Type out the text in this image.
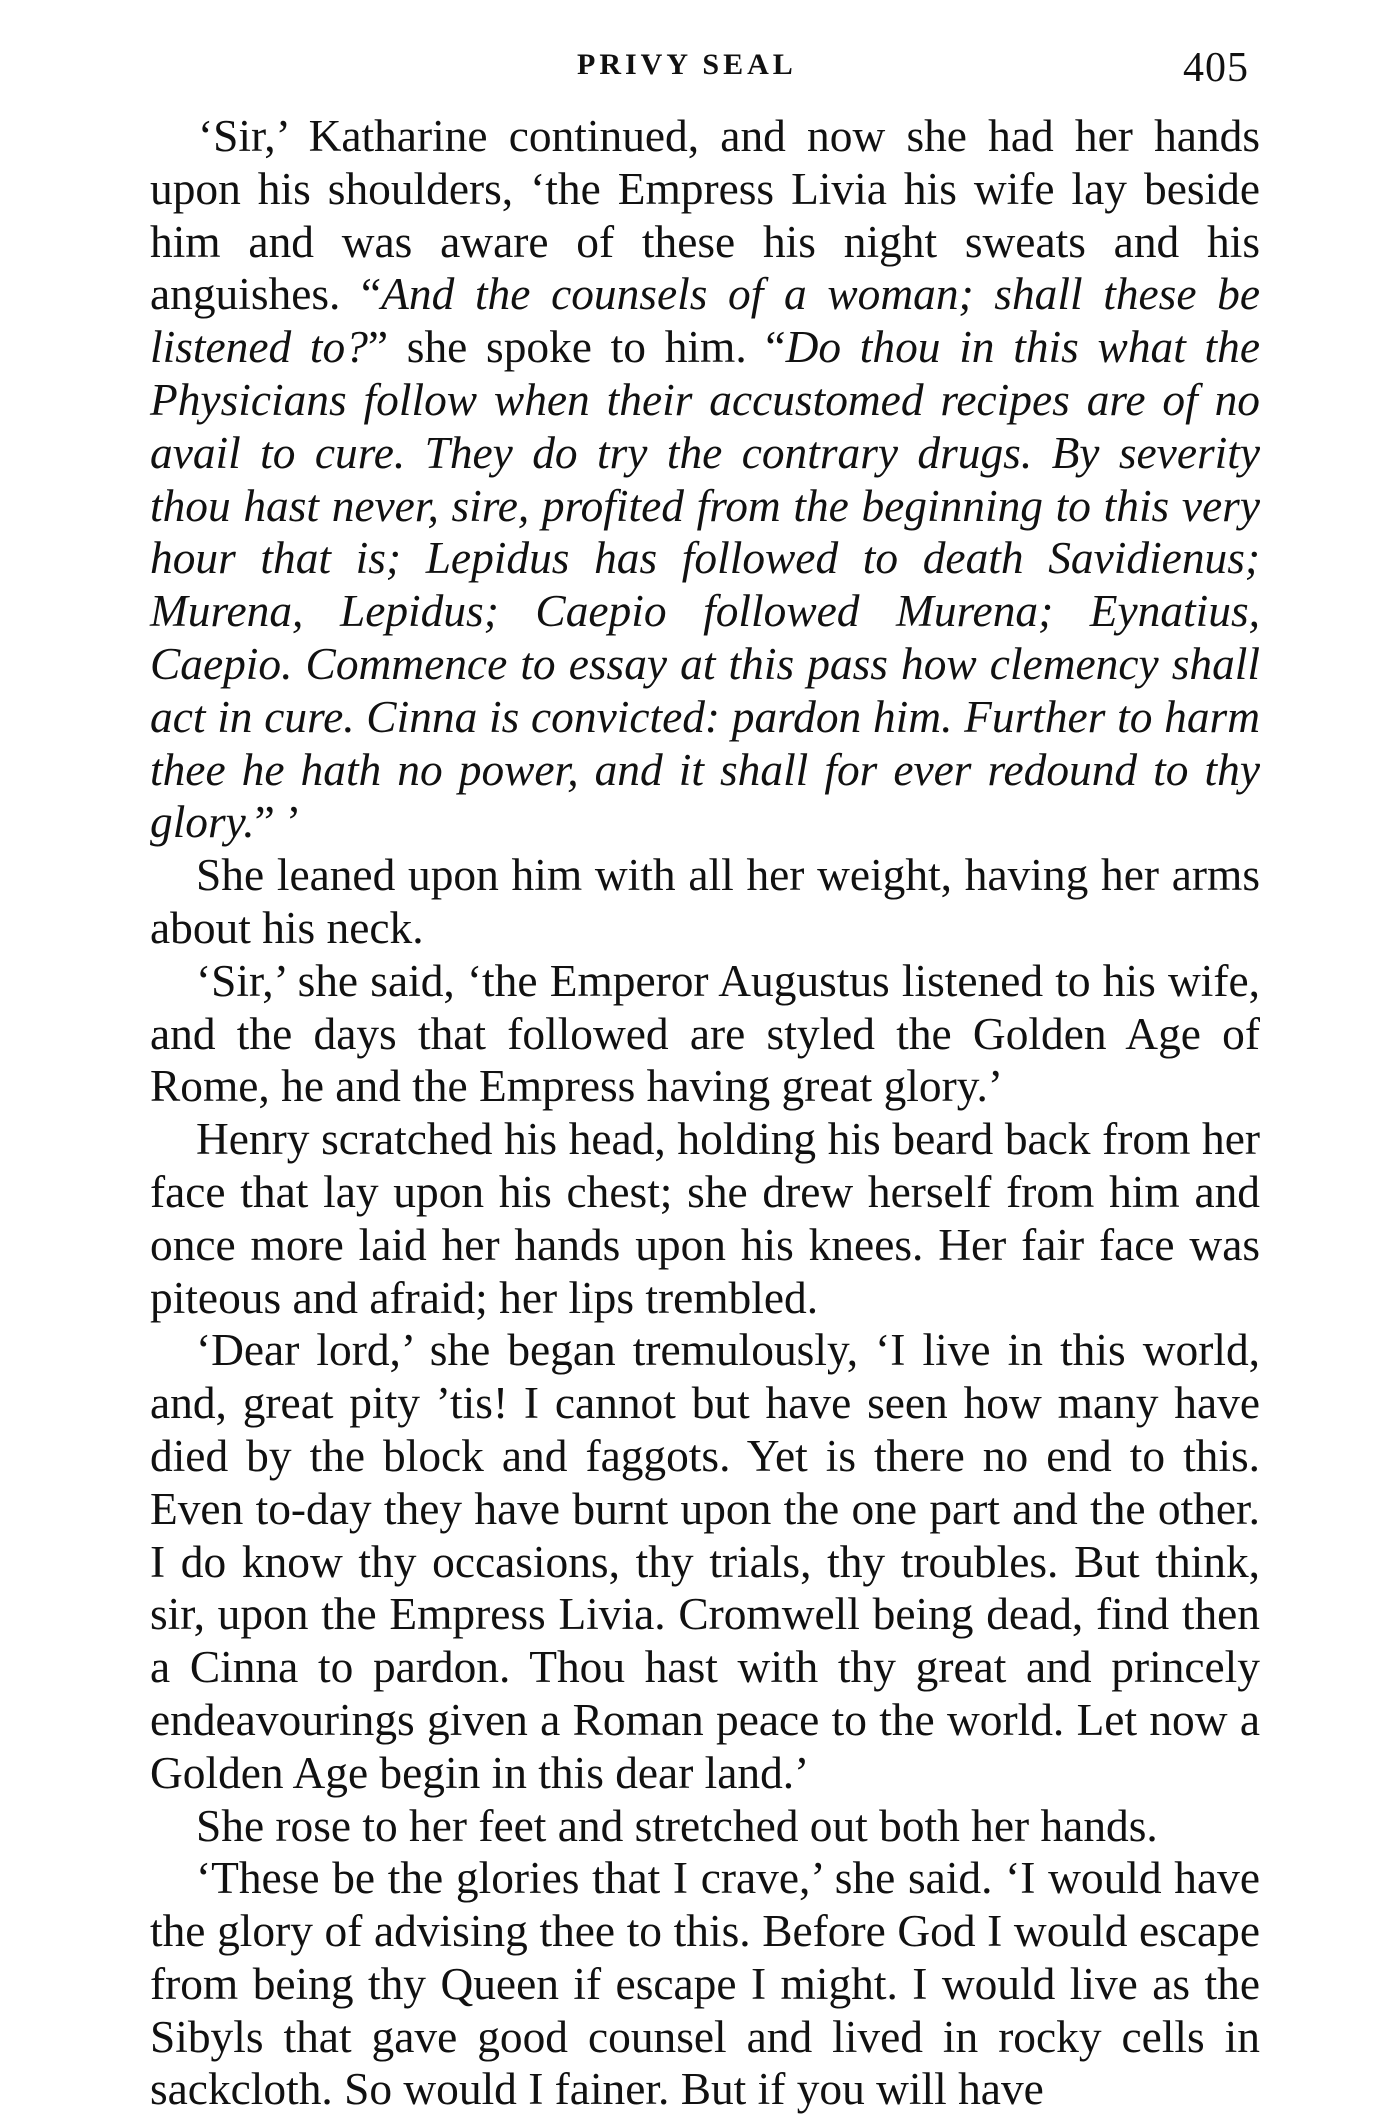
PRIVY SEAL	405

‘Sir,’ Katharine continued, and now she had her hands upon his shoulders, ‘the Empress Livia his wife lay beside him and was aware of these his night sweats and his anguishes. “And the counsels of a woman; shall these be listened to?” she spoke to him. “Do thou in this what the Physicians follow when their accustomed recipes are of no avail to cure. They do try the contrary drugs. By severity thou hast never, sire, profited from the beginning to this very hour that is; Lepidus has followed to death Savidienus; Murena, Lepidus; Caepio followed Murena; Eynatius, Caepio. Commence to essay at this pass how clemency shall act in cure. Cinna is convicted: pardon him. Further to harm thee he hath no power, and it shall for ever redound to thy glory.” ’

She leaned upon him with all her weight, having her arms about his neck.

‘Sir,’ she said, ‘the Emperor Augustus listened to his wife, and the days that followed are styled the Golden Age of Rome, he and the Empress having great glory.’

Henry scratched his head, holding his beard back from her face that lay upon his chest; she drew herself from him and once more laid her hands upon his knees. Her fair face was piteous and afraid; her lips trembled.

‘Dear lord,’ she began tremulously, ‘I live in this world, and, great pity ’tis! I cannot but have seen how many have died by the block and faggots. Yet is there no end to this. Even to-day they have burnt upon the one part and the other. I do know thy occasions, thy trials, thy troubles. But think, sir, upon the Empress Livia. Cromwell being dead, find then a Cinna to pardon. Thou hast with thy great and princely endeavourings given a Roman peace to the world. Let now a Golden Age begin in this dear land.’

She rose to her feet and stretched out both her hands.

‘These be the glories that I crave,’ she said. ‘I would have the glory of advising thee to this. Before God I would escape from being thy Queen if escape I might. I would live as the Sibyls that gave good counsel and lived in rocky cells in sackcloth. So would I fainer. But if you will have
